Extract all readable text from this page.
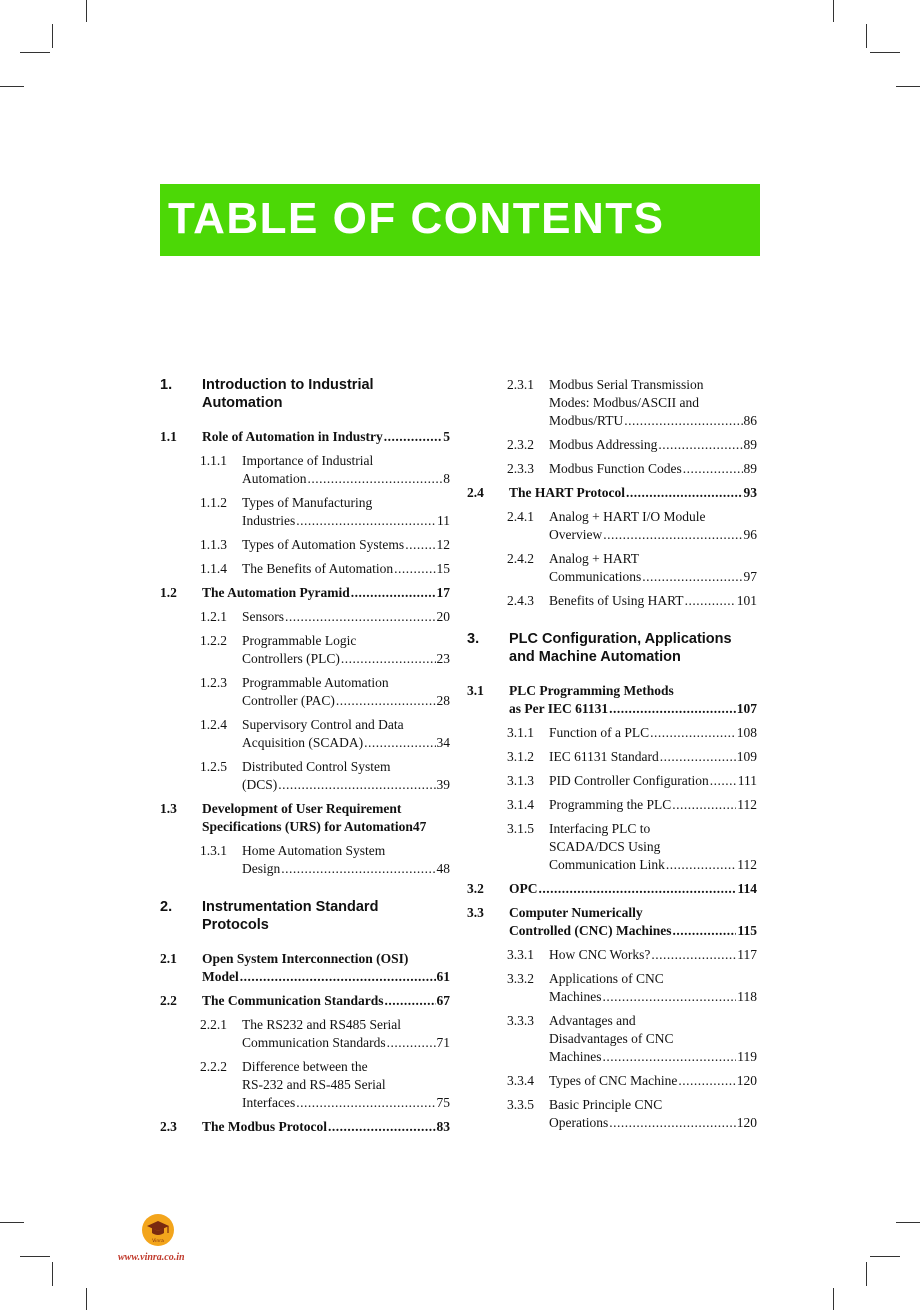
TABLE OF CONTENTS
1. Introduction to Industrial
Automation
1.1 Role of Automation in Industry .....	5
1.1.1 Importance of Industrial
Automation .....	8
1.1.2 Types of Manufacturing
Industries .....	11
1.1.3 Types of Automation Systems ..... 12
1.1.4 The Benefits of Automation .....	15
1.2 The Automation Pyramid .....	17
1.2.1 Sensors .....	20
1.2.2 Programmable Logic
Controllers (PLC) .....	23
1.2.3 Programmable Automation
Controller (PAC) .....	28
1.2.4 Supervisory Control and Data
Acquisition (SCADA) .....	34
1.2.5 Distributed Control System
(DCS) .....	39
1.3 Development of User Requirement
Specifications (URS) for Automation 47
1.3.1 Home Automation System
Design .....	48
2. Instrumentation Standard
Protocols
2.1 Open System Interconnection (OSI)
Model .....	61
2.2 The Communication Standards .....	67
2.2.1 The RS232 and RS485 Serial
Communication Standards .....	71
2.2.2 Difference between the
RS-232 and RS-485 Serial
Interfaces .....	75
2.3 The Modbus Protocol .....	83
2.3.1 Modbus Serial Transmission
Modes: Modbus/ASCII and
Modbus/RTU .....	86
2.3.2 Modbus Addressing .....	89
2.3.3 Modbus Function Codes .....	89
2.4 The HART Protocol .....	93
2.4.1 Analog + HART I/O Module
Overview .....	96
2.4.2 Analog + HART
Communications .....	97
2.4.3 Benefits of Using HART .....	101
3. PLC Configuration, Applications
and Machine Automation
3.1 PLC Programming Methods
as Per IEC 61131 .....	107
3.1.1 Function of a PLC .....	108
3.1.2 IEC 61131 Standard .....	109
3.1.3 PID Controller Configuration ..... 111
3.1.4 Programming the PLC .....	112
3.1.5 Interfacing PLC to
SCADA/DCS Using
Communication Link .....	112
3.2 OPC .....	114
3.3 Computer Numerically
Controlled (CNC) Machines .....	115
3.3.1 How CNC Works? .....	117
3.3.2 Applications of CNC
Machines .....	118
3.3.3 Advantages and
Disadvantages of CNC
Machines .....	119
3.3.4 Types of CNC Machine .....	120
3.3.5 Basic Principle CNC
Operations .....	120
Vinra
www.vinra.co.in
